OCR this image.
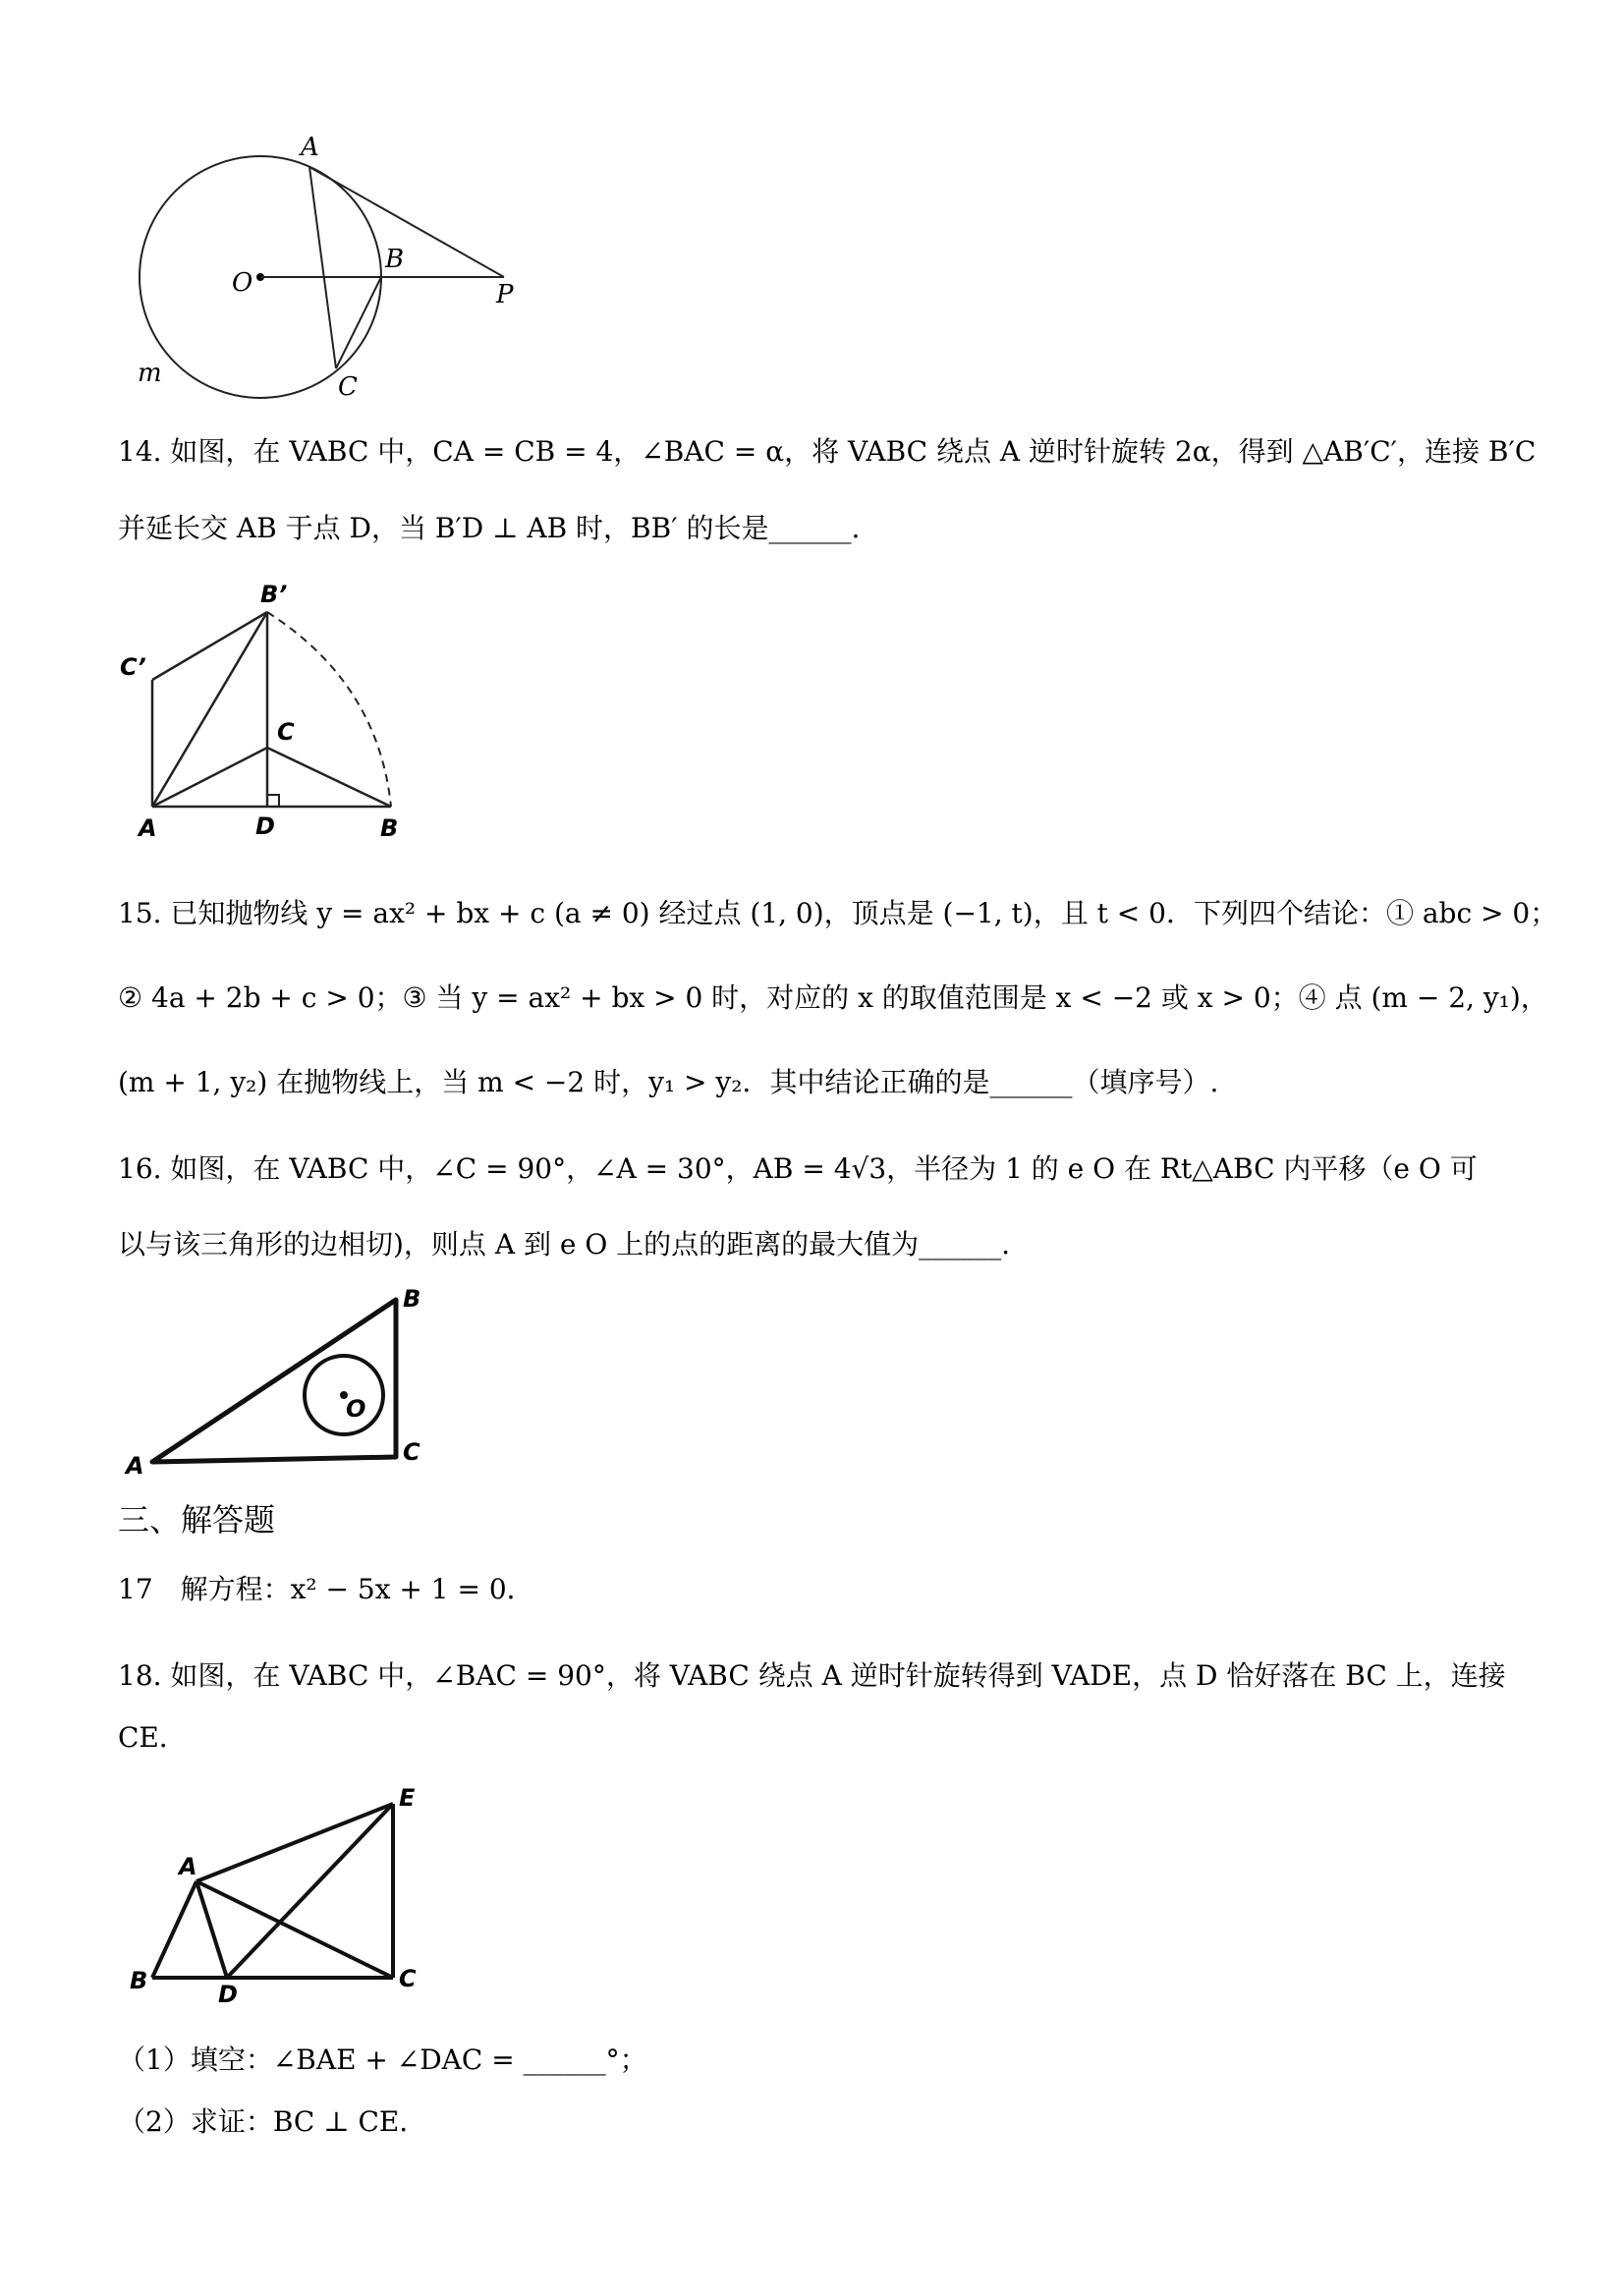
A
O
B
P
m	C
14. 如图，在 VABC 中，CA = CB = 4，∠BAC = α，将 VABC 绕点 A 逆时针旋转 2α，得到 △AB′C′，连接 B′C
并延长交 AB 于点 D，当 B′D ⊥ AB 时，BB′ 的长是______.
B’
C’
C
A	D	B
15. 已知抛物线 y = ax² + bx + c (a ≠ 0) 经过点 (1, 0)，顶点是 (−1, t)，且 t < 0．下列四个结论：① abc > 0；
② 4a + 2b + c > 0；③ 当 y = ax² + bx > 0 时，对应的 x 的取值范围是 x < −2 或 x > 0；④ 点 (m − 2, y₁)，
(m + 1, y₂) 在抛物线上，当 m < −2 时，y₁ > y₂．其中结论正确的是______（填序号）.
16. 如图，在 VABC 中，∠C = 90°，∠A = 30°，AB = 4√3，半径为 1 的 e O 在 Rt△ABC 内平移（e O 可
以与该三角形的边相切)，则点 A 到 e O 上的点的距离的最大值为______.
B
C
A
O
三、解答题
17　解方程：x² − 5x + 1 = 0．
18. 如图，在 VABC 中，∠BAC = 90°，将 VABC 绕点 A 逆时针旋转得到 VADE，点 D 恰好落在 BC 上，连接
CE．
A
E
B	D
C
（1）填空：∠BAE + ∠DAC = ______°；
（2）求证：BC ⊥ CE．
